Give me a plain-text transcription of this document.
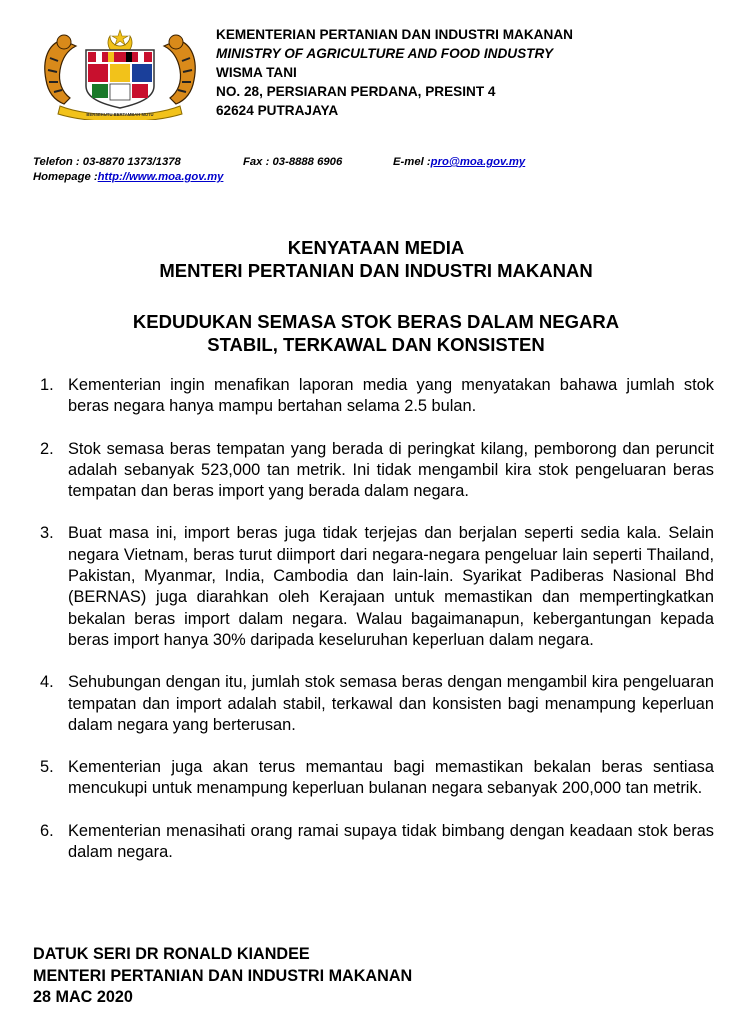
BERSEKUTU BERTAMBAH MUTU
KEMENTERIAN PERTANIAN DAN INDUSTRI MAKANAN
MINISTRY OF AGRICULTURE AND FOOD INDUSTRY
WISMA TANI
NO. 28, PERSIARAN PERDANA, PRESINT 4
62624 PUTRAJAYA
Telefon : 03-8870 1373/1378	Fax : 03-8888 6906	E-mel :pro@moa.gov.my
Homepage :http://www.moa.gov.my
KENYATAAN MEDIA
MENTERI PERTANIAN DAN INDUSTRI MAKANAN
KEDUDUKAN SEMASA STOK BERAS DALAM NEGARA
STABIL, TERKAWAL DAN KONSISTEN
1. Kementerian ingin menafikan laporan media yang menyatakan bahawa jumlah stok beras negara hanya mampu bertahan selama 2.5 bulan.
2. Stok semasa beras tempatan yang berada di peringkat kilang, pemborong dan peruncit adalah sebanyak 523,000 tan metrik. Ini tidak mengambil kira stok pengeluaran beras tempatan dan beras import yang berada dalam negara.
3. Buat masa ini, import beras juga tidak terjejas dan berjalan seperti sedia kala. Selain negara Vietnam, beras turut diimport dari negara-negara pengeluar lain seperti Thailand, Pakistan, Myanmar, India, Cambodia dan lain-lain. Syarikat Padiberas Nasional Bhd (BERNAS) juga diarahkan oleh Kerajaan untuk memastikan dan mempertingkatkan bekalan beras import dalam negara. Walau bagaimanapun, kebergantungan kepada beras import hanya 30% daripada keseluruhan keperluan dalam negara.
4. Sehubungan dengan itu, jumlah stok semasa beras dengan mengambil kira pengeluaran tempatan dan import adalah stabil, terkawal dan konsisten bagi menampung keperluan dalam negara yang berterusan.
5. Kementerian juga akan terus memantau bagi memastikan bekalan beras sentiasa mencukupi untuk menampung keperluan bulanan negara sebanyak 200,000 tan metrik.
6. Kementerian menasihati orang ramai supaya tidak bimbang dengan keadaan stok beras dalam negara.
DATUK SERI DR RONALD KIANDEE
MENTERI PERTANIAN DAN INDUSTRI MAKANAN
28 MAC 2020
